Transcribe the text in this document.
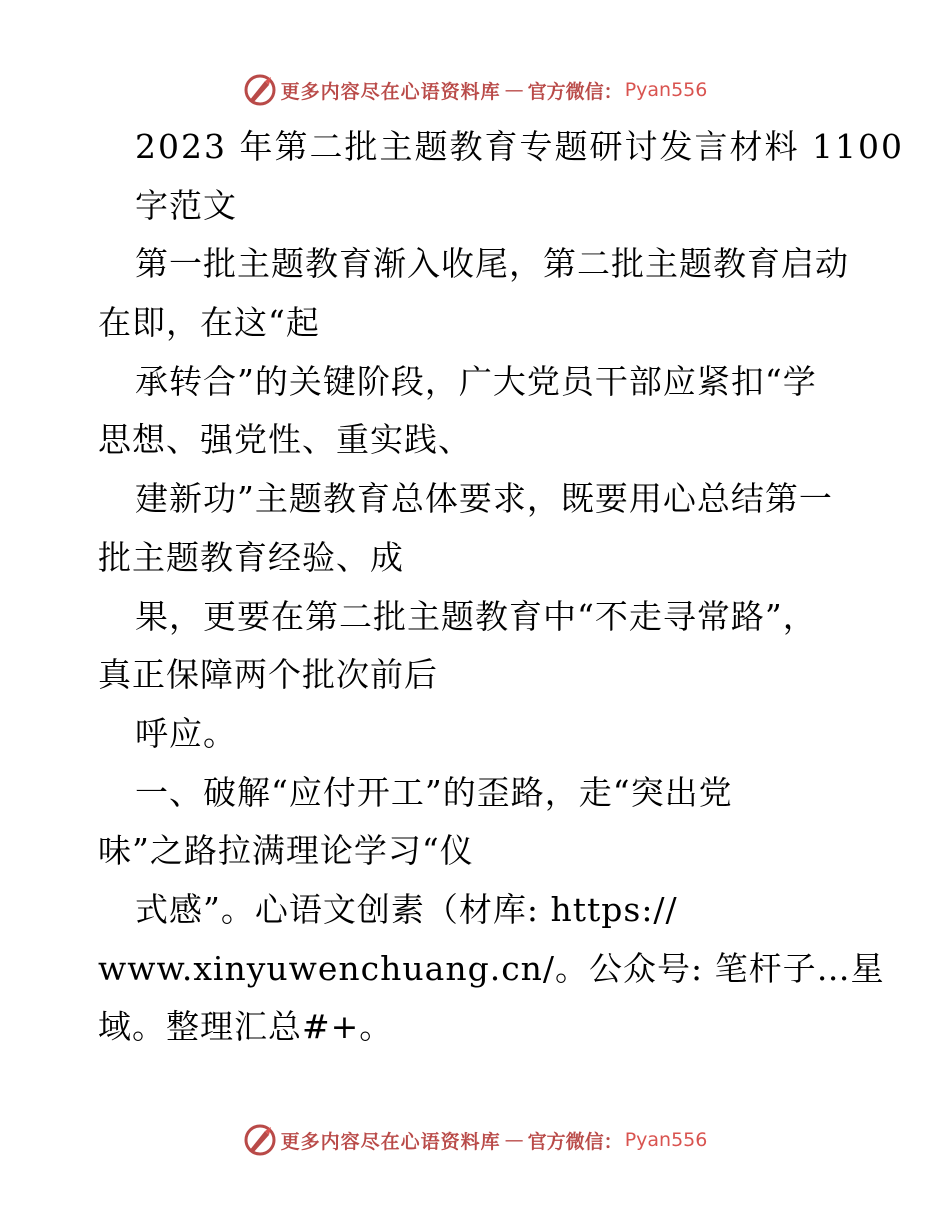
更多内容尽在心语资料库 — 官方微信： Pyan556
2023 年第二批主题教育专题研讨发言材料 1100
字范文
第一批主题教育渐入收尾，第二批主题教育启动
在即，在这“起
承转合”的关键阶段，广大党员干部应紧扣“学
思想、强党性、重实践、
建新功”主题教育总体要求，既要用心总结第一
批主题教育经验、成
果，更要在第二批主题教育中“不走寻常路”，
真正保障两个批次前后
呼应。
一、破解“应付开工”的歪路，走“突出党
味”之路拉满理论学习“仪
式感”。心语文创素（材库: https://
www.xinyuwenchuang.cn/。公众号: 笔杆子…星
域。整理汇总#+。
更多内容尽在心语资料库 — 官方微信： Pyan556
